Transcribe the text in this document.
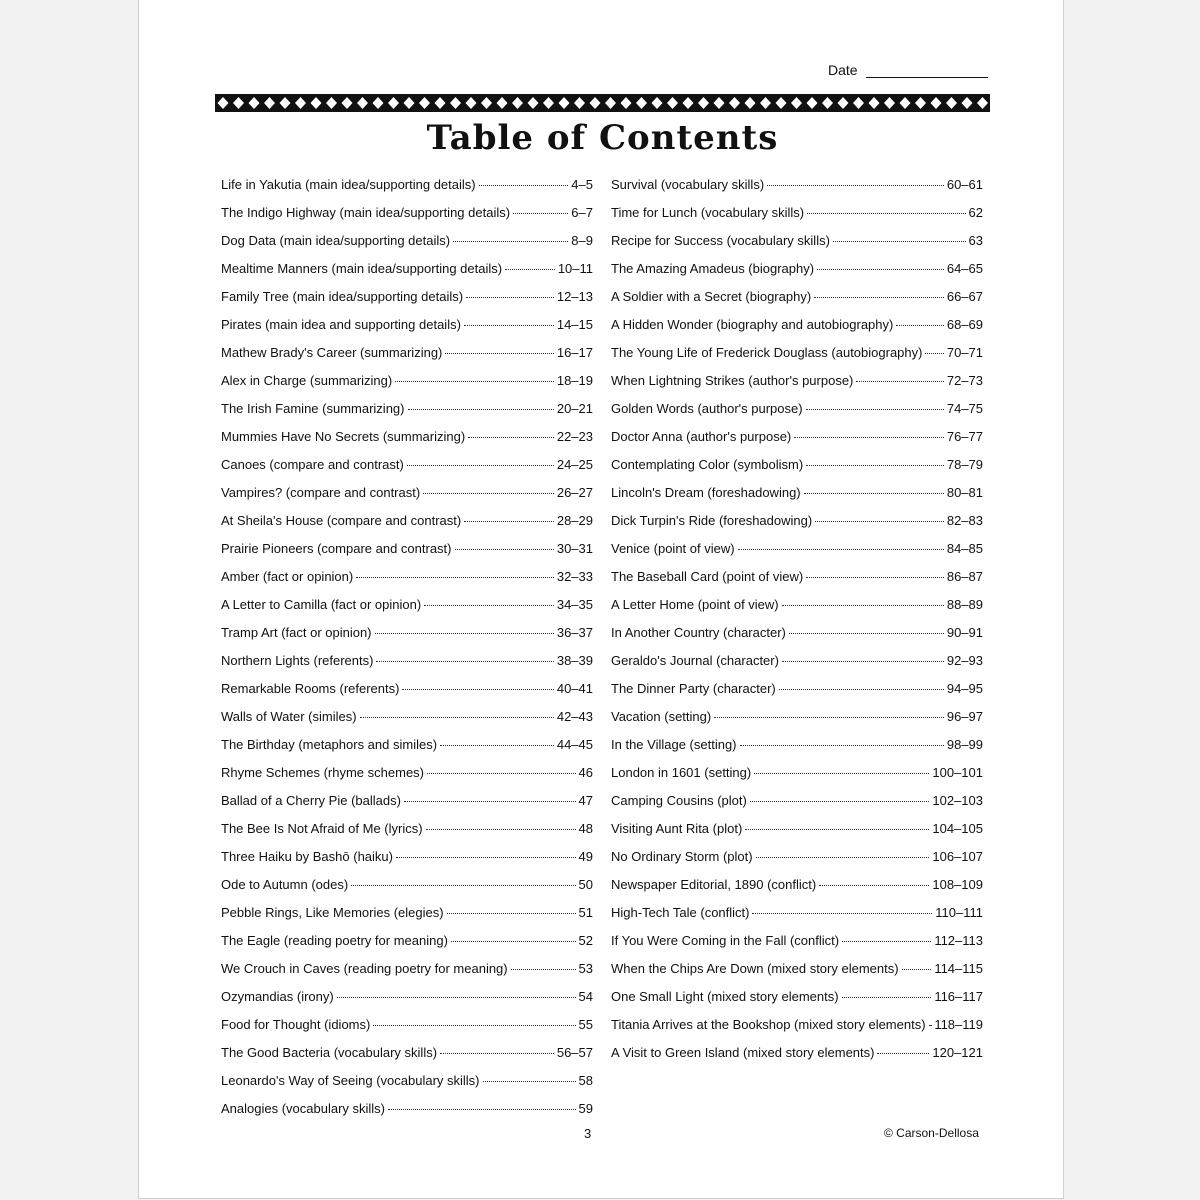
Date
Table of Contents
Life in Yakutia (main idea/supporting details)	4–5
The Indigo Highway (main idea/supporting details)	6–7
Dog Data (main idea/supporting details)	8–9
Mealtime Manners (main idea/supporting details)	10–11
Family Tree (main idea/supporting details)	12–13
Pirates (main idea and supporting details)	14–15
Mathew Brady's Career (summarizing)	16–17
Alex in Charge (summarizing)	18–19
The Irish Famine (summarizing)	20–21
Mummies Have No Secrets (summarizing)	22–23
Canoes (compare and contrast)	24–25
Vampires? (compare and contrast)	26–27
At Sheila's House (compare and contrast)	28–29
Prairie Pioneers (compare and contrast)	30–31
Amber (fact or opinion)	32–33
A Letter to Camilla (fact or opinion)	34–35
Tramp Art (fact or opinion)	36–37
Northern Lights (referents)	38–39
Remarkable Rooms (referents)	40–41
Walls of Water (similes)	42–43
The Birthday (metaphors and similes)	44–45
Rhyme Schemes (rhyme schemes)	46
Ballad of a Cherry Pie (ballads)	47
The Bee Is Not Afraid of Me (lyrics)	48
Three Haiku by Bashō (haiku)	49
Ode to Autumn (odes)	50
Pebble Rings, Like Memories (elegies)	51
The Eagle (reading poetry for meaning)	52
We Crouch in Caves (reading poetry for meaning)	53
Ozymandias (irony)	54
Food for Thought (idioms)	55
The Good Bacteria (vocabulary skills)	56–57
Leonardo's Way of Seeing (vocabulary skills)	58
Analogies (vocabulary skills)	59
Survival (vocabulary skills)	60–61
Time for Lunch (vocabulary skills)	62
Recipe for Success (vocabulary skills)	63
The Amazing Amadeus (biography)	64–65
A Soldier with a Secret (biography)	66–67
A Hidden Wonder (biography and autobiography)	68–69
The Young Life of Frederick Douglass (autobiography) 70–71
When Lightning Strikes (author's purpose)	72–73
Golden Words (author's purpose)	74–75
Doctor Anna (author's purpose)	76–77
Contemplating Color (symbolism)	78–79
Lincoln's Dream (foreshadowing)	80–81
Dick Turpin's Ride (foreshadowing)	82–83
Venice (point of view)	84–85
The Baseball Card (point of view)	86–87
A Letter Home (point of view)	88–89
In Another Country (character)	90–91
Geraldo's Journal (character)	92–93
The Dinner Party (character)	94–95
Vacation (setting)	96–97
In the Village (setting)	98–99
London in 1601 (setting)	100–101
Camping Cousins (plot)	102–103
Visiting Aunt Rita (plot)	104–105
No Ordinary Storm (plot)	106–107
Newspaper Editorial, 1890 (conflict)	108–109
High-Tech Tale (conflict)	110–111
If You Were Coming in the Fall (conflict)	112–113
When the Chips Are Down (mixed story elements)	114–115
One Small Light (mixed story elements)	116–117
Titania Arrives at the Bookshop (mixed story elements) 118–119
A Visit to Green Island (mixed story elements)	120–121
3	© Carson-Dellosa
